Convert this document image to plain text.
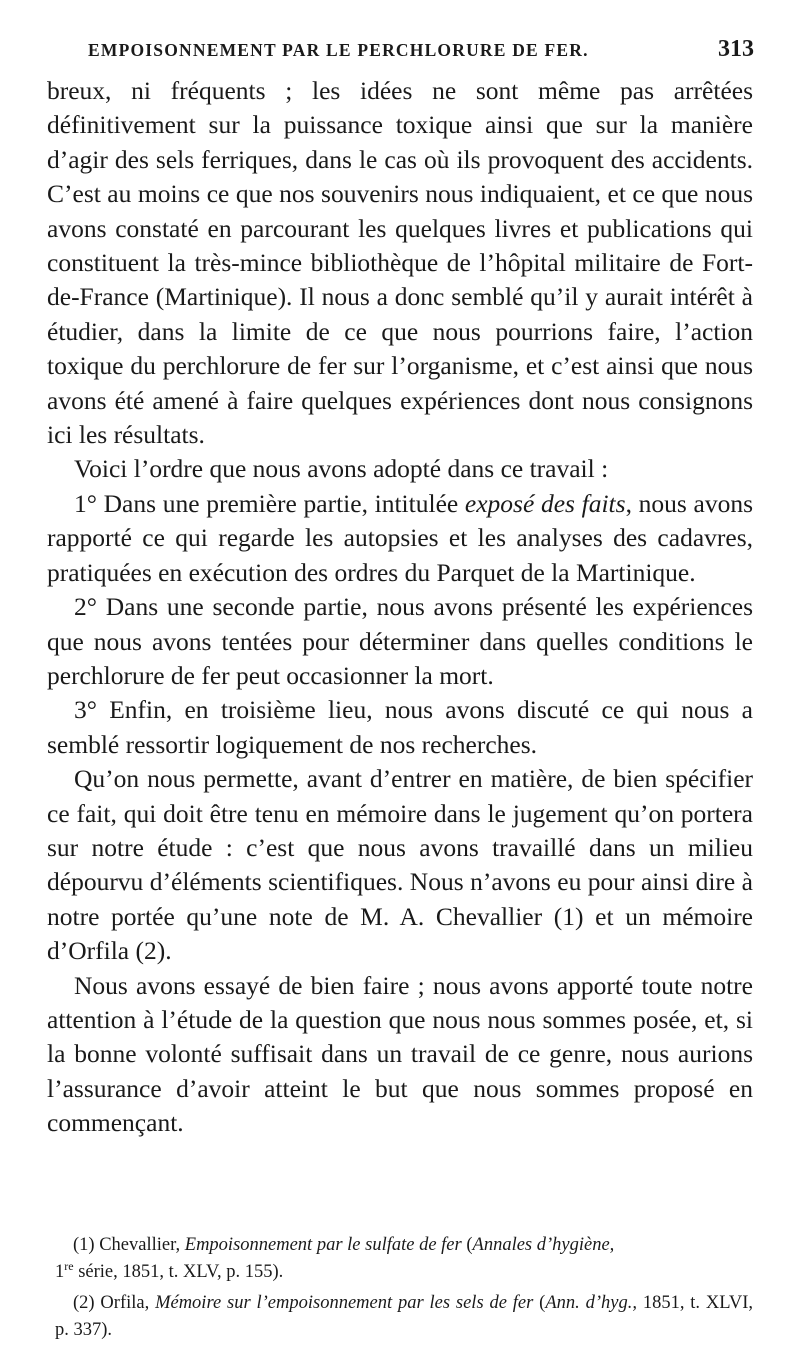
EMPOISONNEMENT PAR LE PERCHLORURE DE FER.	313

breux, ni fréquents ; les idées ne sont même pas arrêtées définitivement sur la puissance toxique ainsi que sur la manière d’agir des sels ferriques, dans le cas où ils provoquent des accidents. C’est au moins ce que nos souvenirs nous indiquaient, et ce que nous avons constaté en parcourant les quelques livres et publications qui constituent la très-mince bibliothèque de l’hôpital militaire de Fort-de-France (Martinique). Il nous a donc semblé qu’il y aurait intérêt à étudier, dans la limite de ce que nous pourrions faire, l’action toxique du perchlorure de fer sur l’organisme, et c’est ainsi que nous avons été amené à faire quelques expériences dont nous consignons ici les résultats.

Voici l’ordre que nous avons adopté dans ce travail :

1° Dans une première partie, intitulée exposé des faits, nous avons rapporté ce qui regarde les autopsies et les analyses des cadavres, pratiquées en exécution des ordres du Parquet de la Martinique.

2° Dans une seconde partie, nous avons présenté les expériences que nous avons tentées pour déterminer dans quelles conditions le perchlorure de fer peut occasionner la mort.

3° Enfin, en troisième lieu, nous avons discuté ce qui nous a semblé ressortir logiquement de nos recherches.

Qu’on nous permette, avant d’entrer en matière, de bien spécifier ce fait, qui doit être tenu en mémoire dans le jugement qu’on portera sur notre étude : c’est que nous avons travaillé dans un milieu dépourvu d’éléments scientifiques. Nous n’avons eu pour ainsi dire à notre portée qu’une note de M. A. Chevallier (1) et un mémoire d’Orfila (2).

Nous avons essayé de bien faire ; nous avons apporté toute notre attention à l’étude de la question que nous nous sommes posée, et, si la bonne volonté suffisait dans un travail de ce genre, nous aurions l’assurance d’avoir atteint le but que nous sommes proposé en commençant.

(1) Chevallier, Empoisonnement par le sulfate de fer (Annales d’hygiène,
1re série, 1851, t. XLV, p. 155).

(2) Orfila, Mémoire sur l’empoisonnement par les sels de fer (Ann. d’hyg., 1851, t. XLVI, p. 337).
